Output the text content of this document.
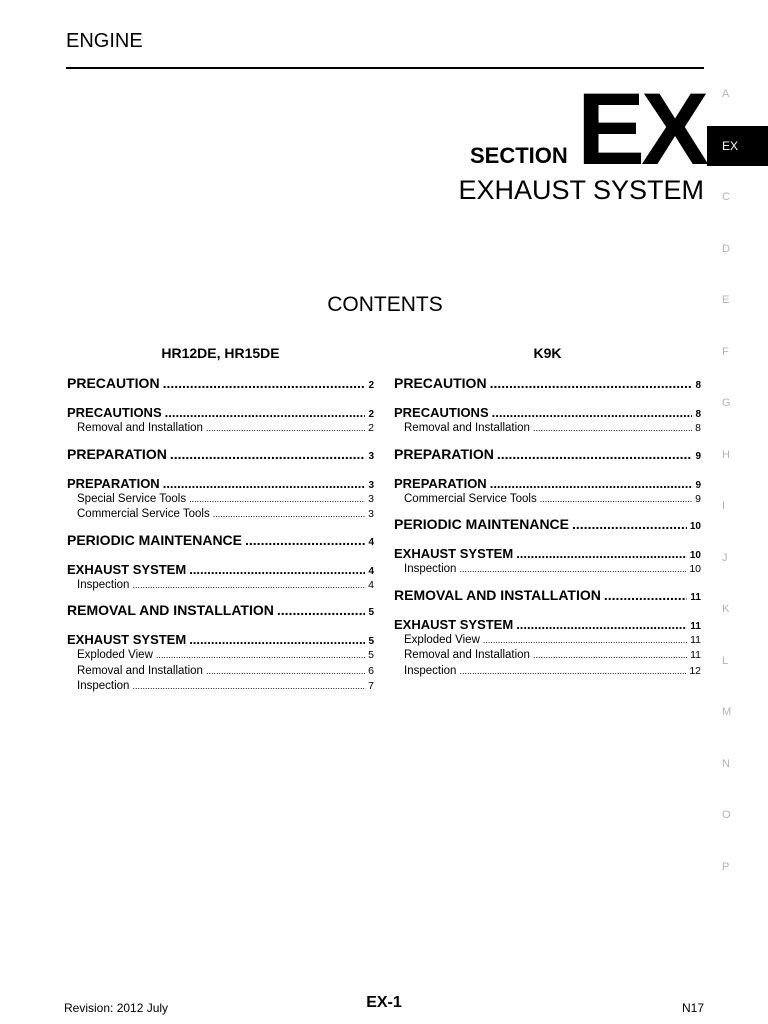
ENGINE
SECTION EX
EXHAUST SYSTEM
CONTENTS
HR12DE, HR15DE
PRECAUTION .....	2
PRECAUTIONS .....	2
Removal and Installation .....	2
PREPARATION .....	3
PREPARATION .....	3
Special Service Tools .....	3
Commercial Service Tools .....	3
PERIODIC MAINTENANCE .....	4
EXHAUST SYSTEM .....	4
Inspection .....	4
REMOVAL AND INSTALLATION .....	5
EXHAUST SYSTEM .....	5
Exploded View .....	5
Removal and Installation .....	6
Inspection .....	7
K9K
PRECAUTION .....	8
PRECAUTIONS .....	8
Removal and Installation .....	8
PREPARATION .....	9
PREPARATION .....	9
Commercial Service Tools .....	9
PERIODIC MAINTENANCE .....	10
EXHAUST SYSTEM .....	10
Inspection .....	10
REMOVAL AND INSTALLATION .....	11
EXHAUST SYSTEM .....	11
Exploded View .....	11
Removal and Installation .....	11
Inspection .....	12
A
EX
C
D
E
F
G
H
I
J
K
L
M
N
O
P
Revision: 2012 July	EX-1	N17
